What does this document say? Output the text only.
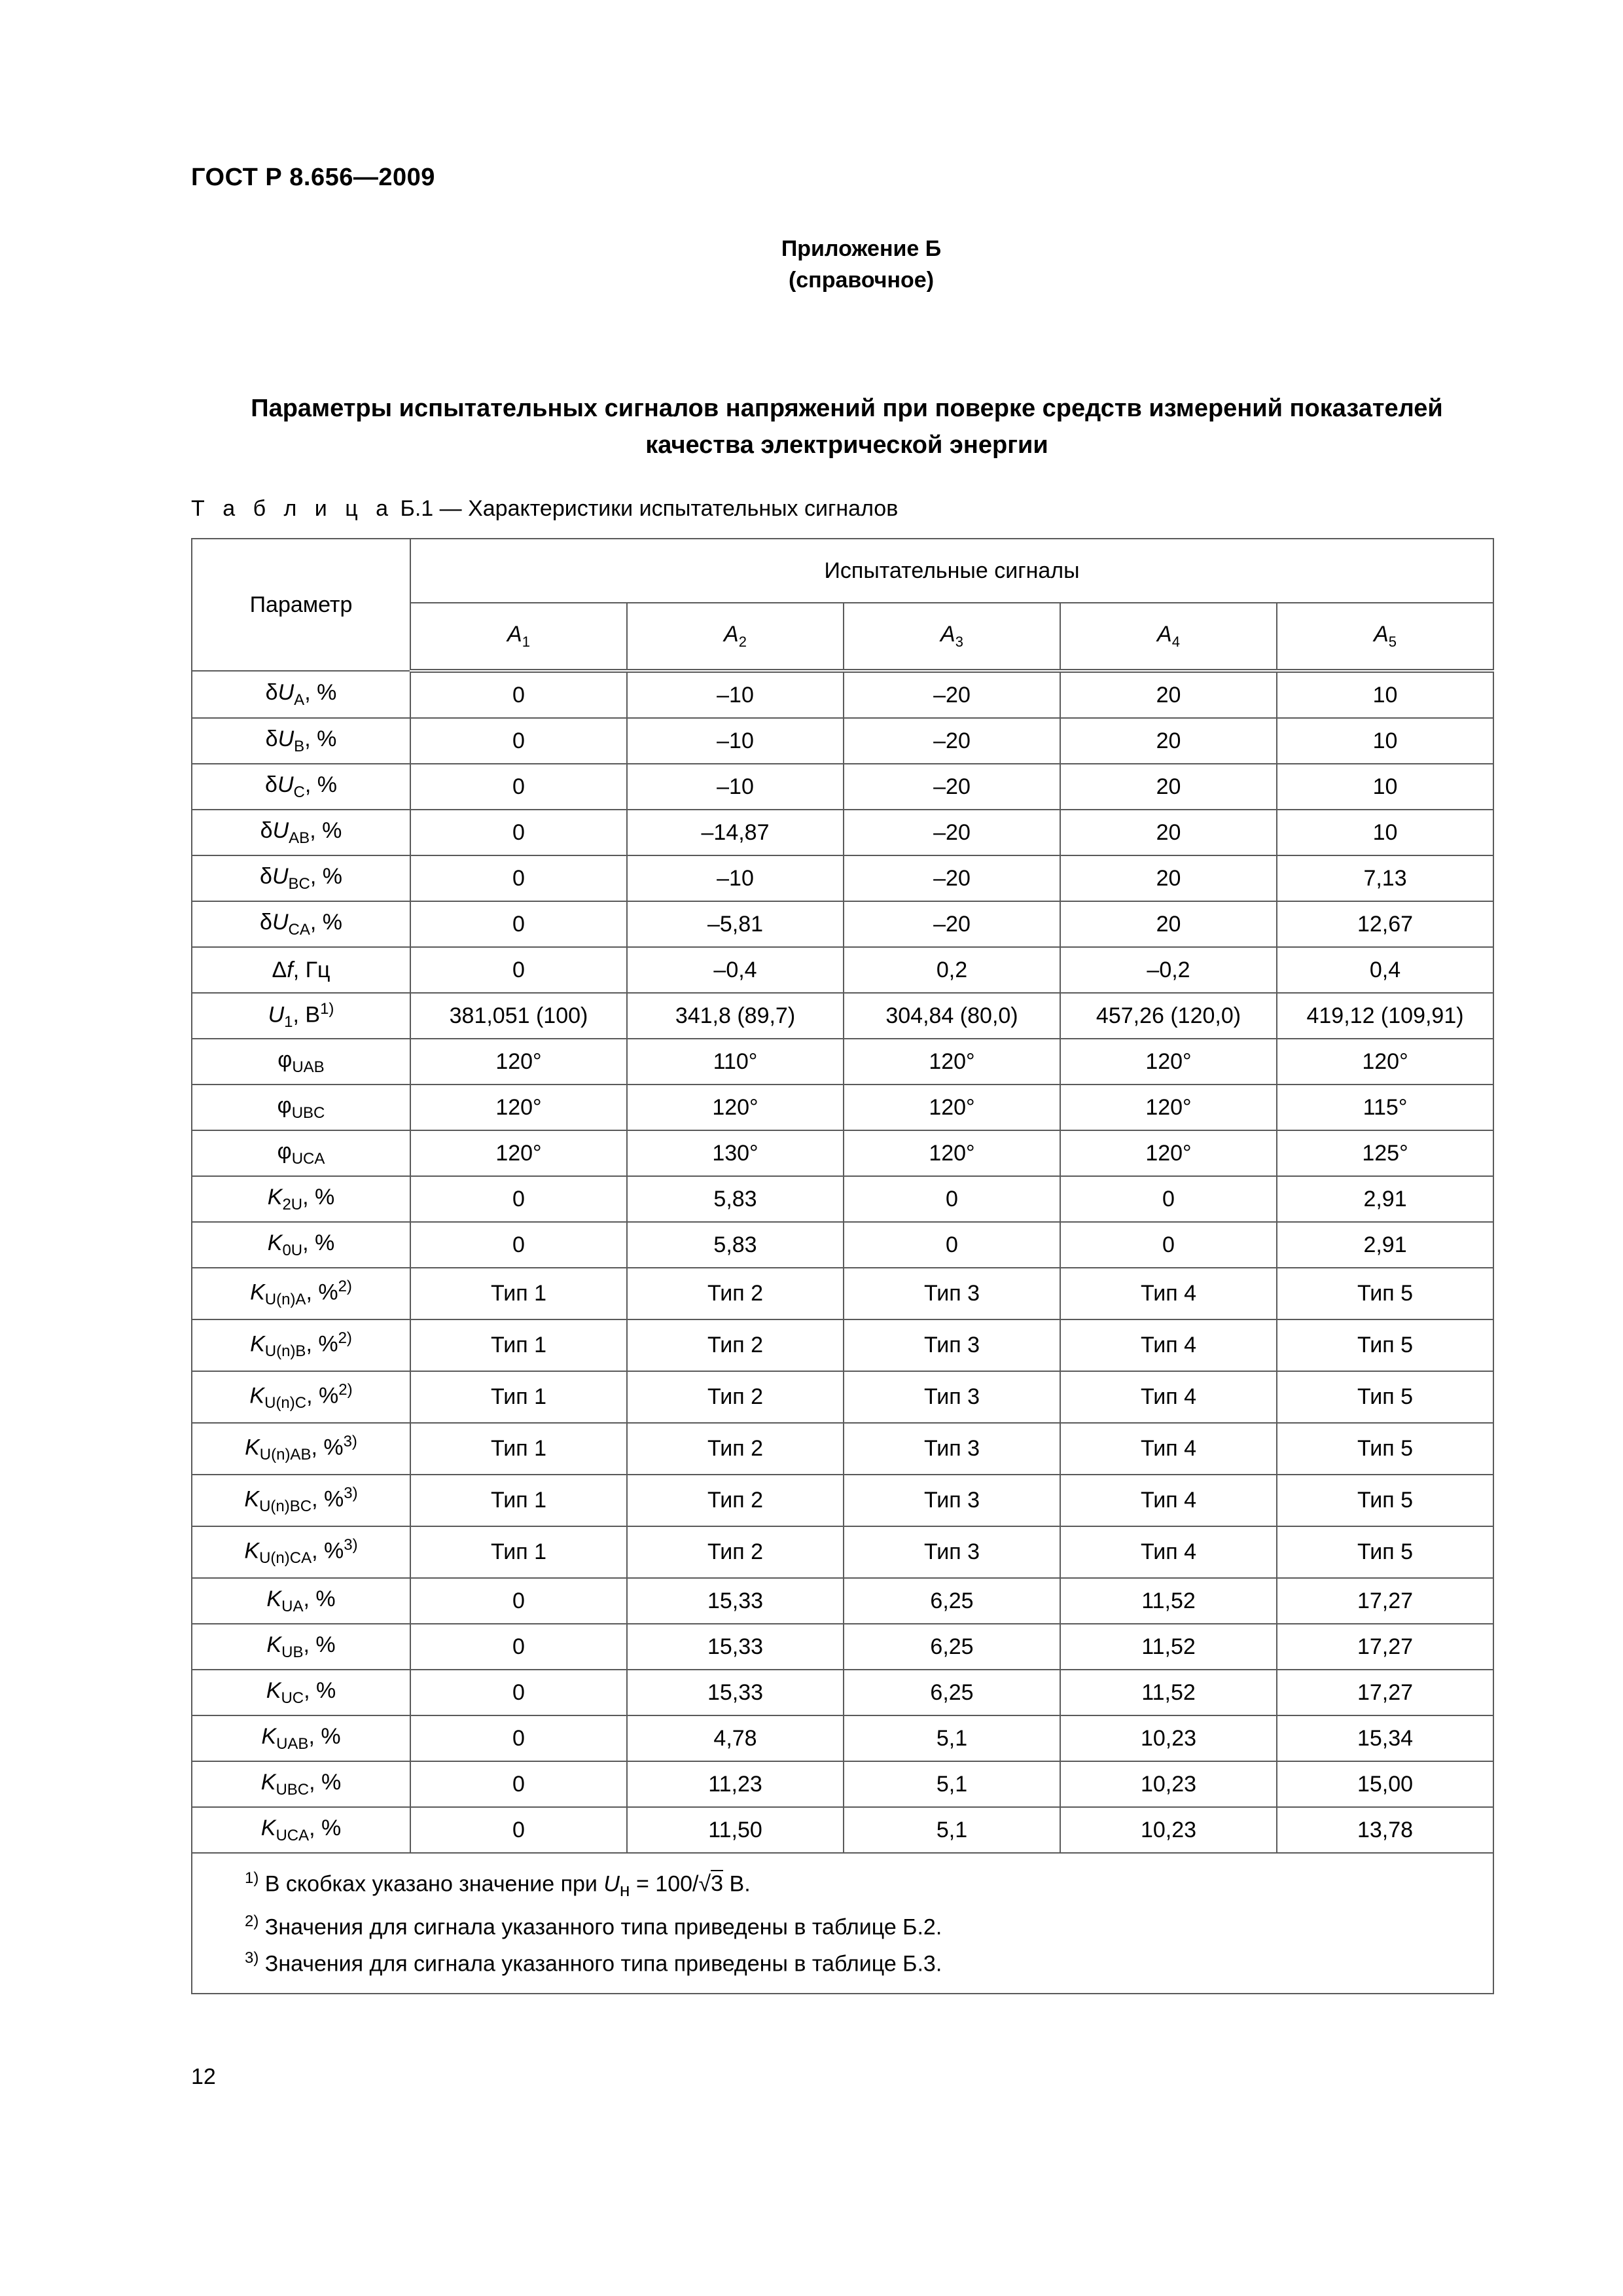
ГОСТ Р 8.656—2009
Приложение Б
(справочное)
Параметры испытательных сигналов напряжений при поверке средств измерений показателей
качества электрической энергии
Т а б л и ц а Б.1 — Характеристики испытательных сигналов
Параметр	Испытательные сигналы				
	$A_1$	$A_2$	$A_3$	$A_4$	$A_5$
$\delta U_A$, %	0	–10	–20	20	10
$\delta U_B$, %	0	–10	–20	20	10
$\delta U_C$, %	0	–10	–20	20	10
$\delta U_{AB}$, %	0	–14,87	–20	20	10
$\delta U_{BC}$, %	0	–10	–20	20	7,13
$\delta U_{CA}$, %	0	–5,81	–20	20	12,67
Δf, Гц	0	–0,4	0,2	–0,2	0,4
$U_1$, $В^{1)}$	381,051 (100)	341,8 (89,7)	304,84 (80,0)	457,26 (120,0)	419,12 (109,91)
$\varphi_{UAB}$	120°	110°	120°	120°	120°
$\varphi_{UBC}$	120°	120°	120°	120°	115°
$\varphi_{UCA}$	120°	130°	120°	120°	125°
$K_{2U}$, %	0	5,83	0	0	2,91
$K_{0U}$, %	0	5,83	0	0	2,91
$K_{U(n)A}$, %$^{2)}$	Тип 1	Тип 2	Тип 3	Тип 4	Тип 5
$K_{U(n)B}$, %$^{2)}$	Тип 1	Тип 2	Тип 3	Тип 4	Тип 5
$K_{U(n)C}$, %$^{2)}$	Тип 1	Тип 2	Тип 3	Тип 4	Тип 5
$K_{U(n)AB}$, %$^{3)}$	Тип 1	Тип 2	Тип 3	Тип 4	Тип 5
$K_{U(n)BC}$, %$^{3)}$	Тип 1	Тип 2	Тип 3	Тип 4	Тип 5
$K_{U(n)CA}$, %$^{3)}$	Тип 1	Тип 2	Тип 3	Тип 4	Тип 5
$K_{UA}$, %	0	15,33	6,25	11,52	17,27
$K_{UB}$, %	0	15,33	6,25	11,52	17,27
$K_{UC}$, %	0	15,33	6,25	11,52	17,27
$K_{UAB}$, %	0	4,78	5,1	10,23	15,34
$K_{UBC}$, %	0	11,23	5,1	10,23	15,00
$K_{UCA}$, %	0	11,50	5,1	10,23	13,78

$^{1)}$ В скобках указано значение при $U_н = 100/√3$ В.
$^{2)}$ Значения для сигнала указанного типа приведены в таблице Б.2.
$^{3)}$ Значения для сигнала указанного типа приведены в таблице Б.3.					
12
